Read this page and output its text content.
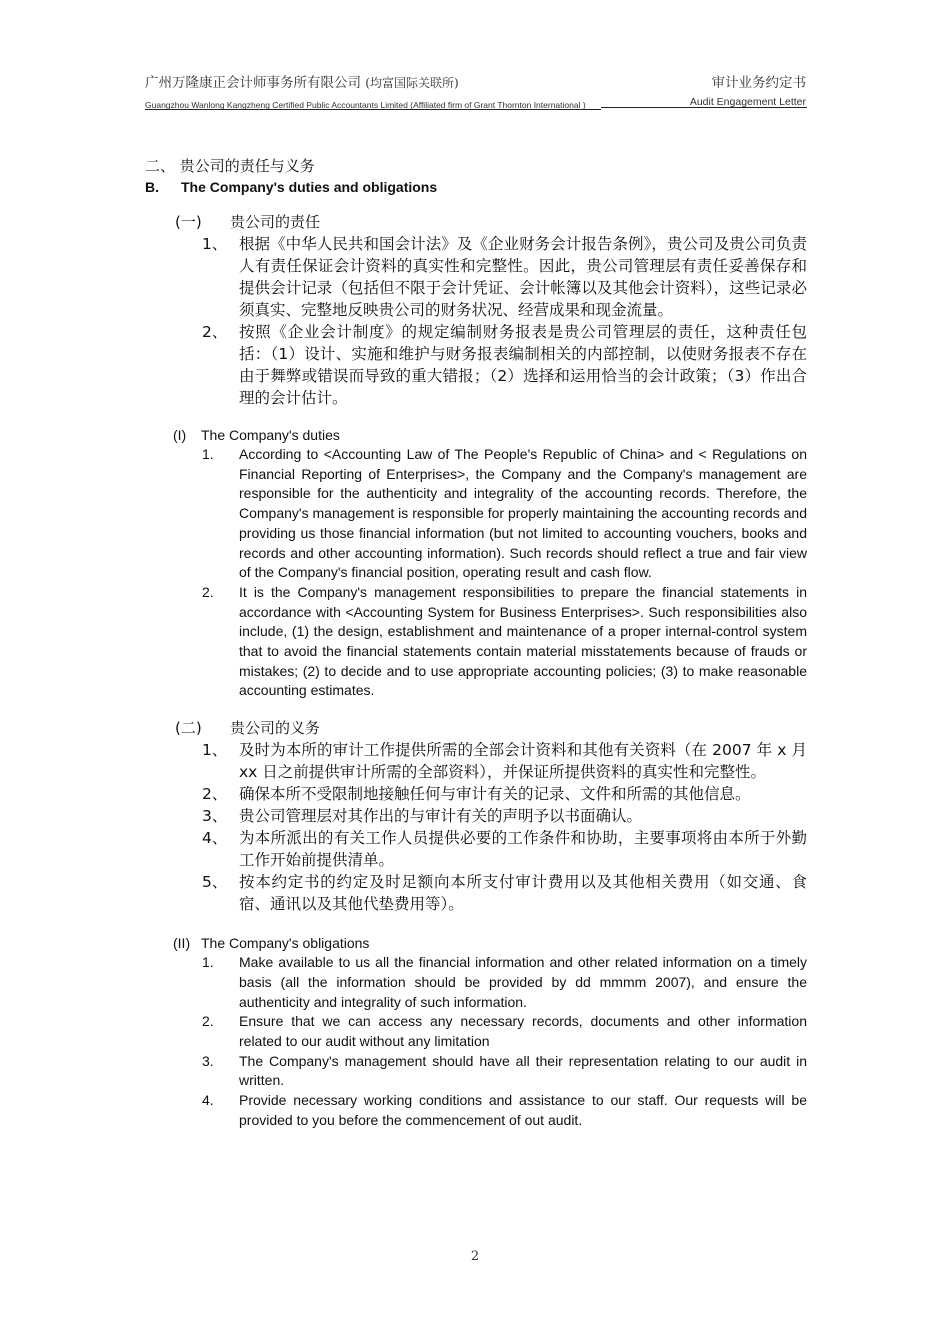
广州万隆康正会计师事务所有限公司 (均富国际关联所)	审计业务约定书
Guangzhou Wanlong Kangzheng Certified Public Accountants Limited (Affiliated firm of Grant Thornton International )	Audit Engagement Letter
二、 贵公司的责任与义务
B.	The Company's duties and obligations
(一)	贵公司的责任
1、 根据《中华人民共和国会计法》及《企业财务会计报告条例》，贵公司及贵公司负责人有责任保证会计资料的真实性和完整性。因此，贵公司管理层有责任妥善保存和提供会计记录（包括但不限于会计凭证、会计帐簿以及其他会计资料），这些记录必须真实、完整地反映贵公司的财务状况、经营成果和现金流量。
2、 按照《企业会计制度》的规定编制财务报表是贵公司管理层的责任，这种责任包括：（1）设计、实施和维护与财务报表编制相关的内部控制，以使财务报表不存在由于舞弊或错误而导致的重大错报；（2）选择和运用恰当的会计政策；（3）作出合理的会计估计。
(I)	The Company's duties
1.	According to <Accounting Law of The People's Republic of China> and < Regulations on Financial Reporting of Enterprises>, the Company and the Company's management are responsible for the authenticity and integrality of the accounting records. Therefore, the Company's management is responsible for properly maintaining the accounting records and providing us those financial information (but not limited to accounting vouchers, books and records and other accounting information). Such records should reflect a true and fair view of the Company's financial position, operating result and cash flow.
2.	It is the Company's management responsibilities to prepare the financial statements in accordance with <Accounting System for Business Enterprises>. Such responsibilities also include, (1) the design, establishment and maintenance of a proper internal-control system that to avoid the financial statements contain material misstatements because of frauds or mistakes; (2) to decide and to use appropriate accounting policies; (3) to make reasonable accounting estimates.
(二)	贵公司的义务
1、 及时为本所的审计工作提供所需的全部会计资料和其他有关资料（在 2007 年 x 月 xx 日之前提供审计所需的全部资料），并保证所提供资料的真实性和完整性。
2、 确保本所不受限制地接触任何与审计有关的记录、文件和所需的其他信息。
3、 贵公司管理层对其作出的与审计有关的声明予以书面确认。
4、 为本所派出的有关工作人员提供必要的工作条件和协助，主要事项将由本所于外勤工作开始前提供清单。
5、 按本约定书的约定及时足额向本所支付审计费用以及其他相关费用（如交通、食宿、通讯以及其他代垫费用等）。
(II) The Company's obligations
1.	Make available to us all the financial information and other related information on a timely basis (all the information should be provided by dd mmmm 2007), and ensure the authenticity and integrality of such information.
2.	Ensure that we can access any necessary records, documents and other information related to our audit without any limitation
3.	The Company's management should have all their representation relating to our audit in written.
4.	Provide necessary working conditions and assistance to our staff. Our requests will be provided to you before the commencement of out audit.
2
